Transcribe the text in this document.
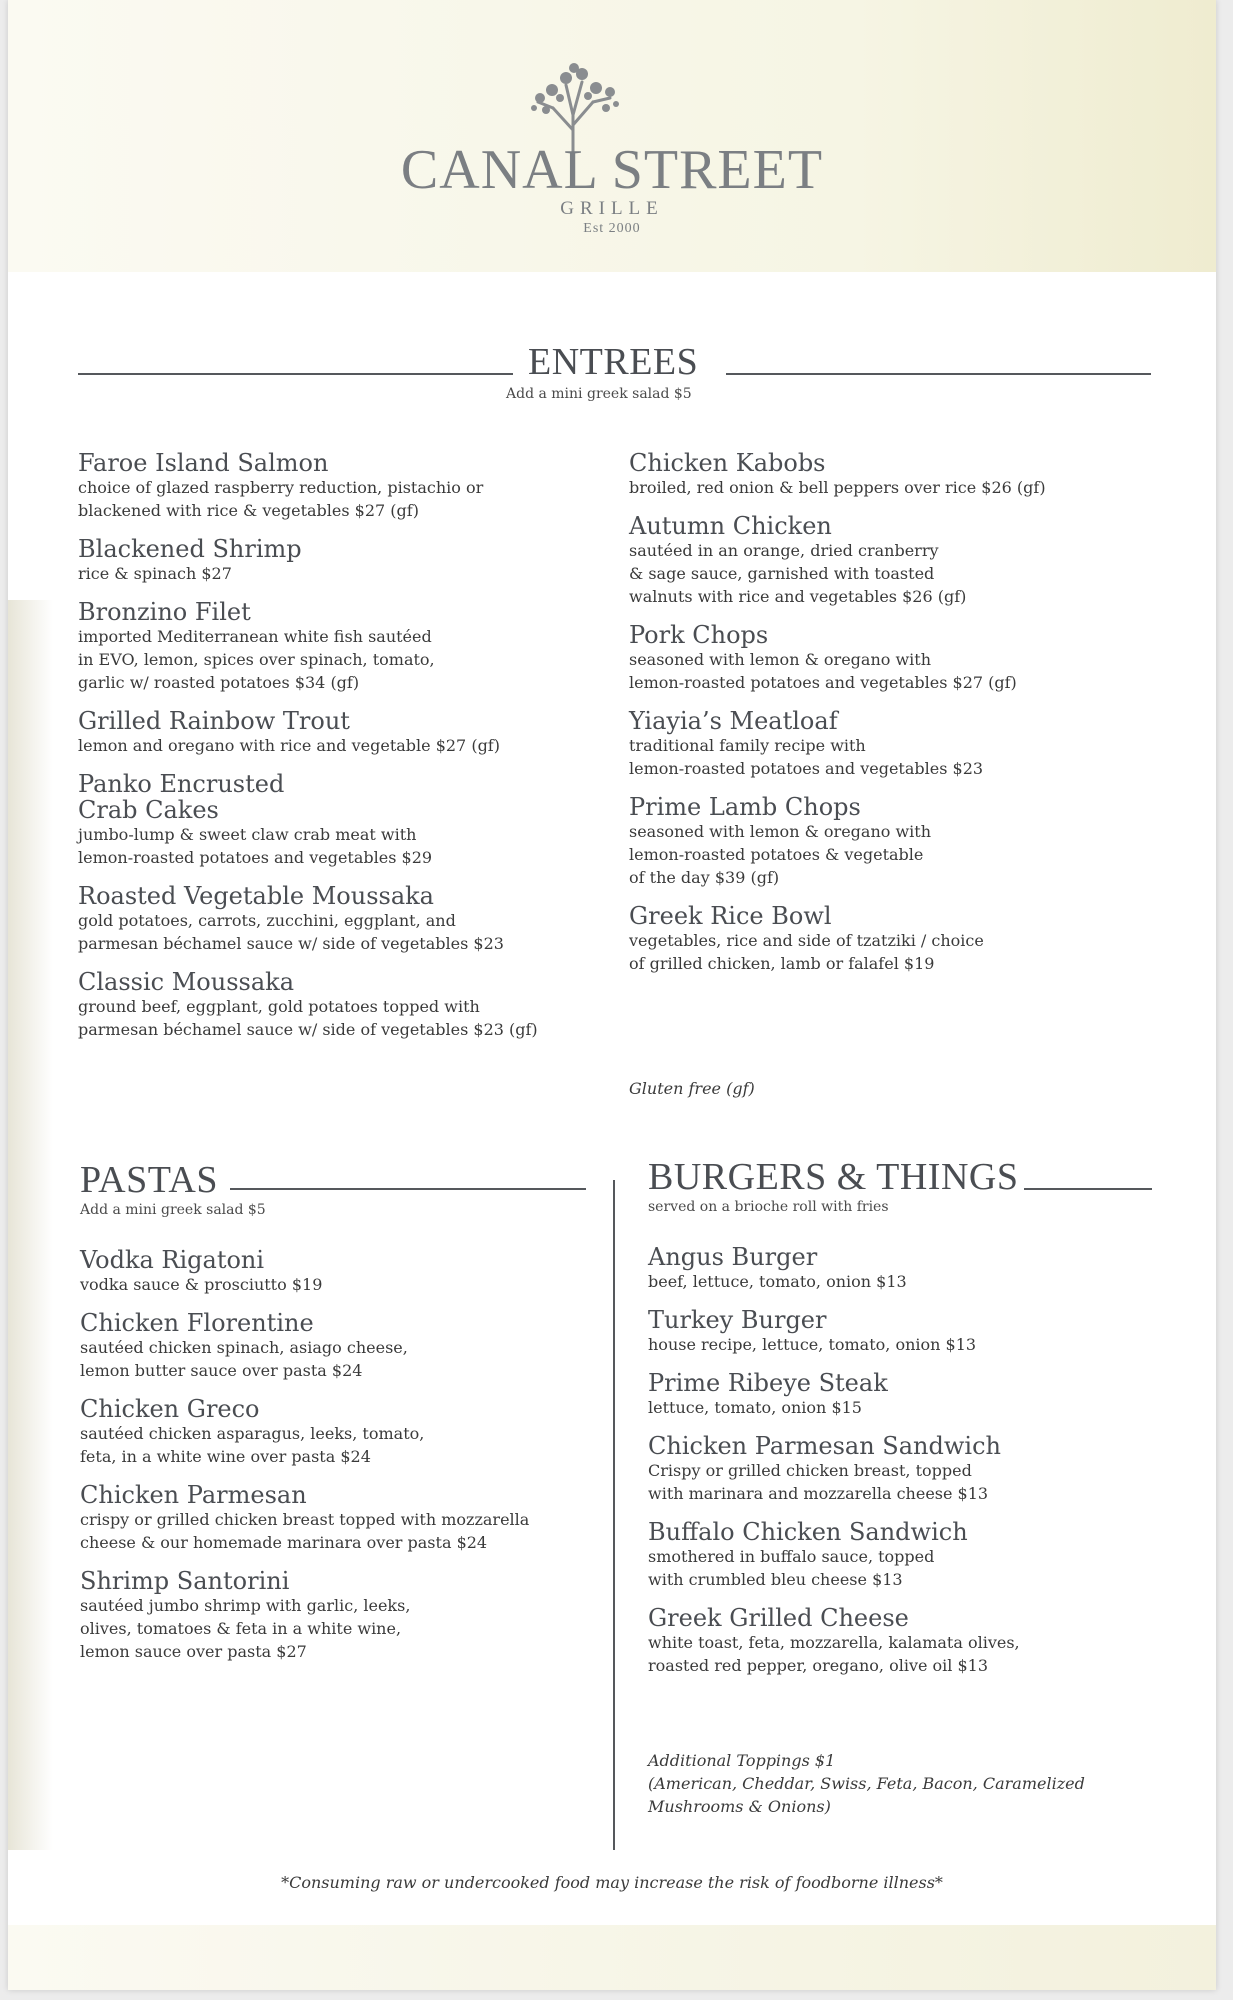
CANAL STREET
GRILLE
Est 2000
ENTREES
Add a mini greek salad $5
Faroe Island Salmon
choice of glazed raspberry reduction, pistachio or
blackened with rice & vegetables $27 (gf)
Blackened Shrimp
rice & spinach $27
Bronzino Filet
imported Mediterranean white fish sautéed
in EVO, lemon, spices over spinach, tomato,
garlic w/ roasted potatoes $34 (gf)
Grilled Rainbow Trout
lemon and oregano with rice and vegetable $27 (gf)
Panko Encrusted
Crab Cakes
jumbo-lump & sweet claw crab meat with
lemon-roasted potatoes and vegetables $29
Roasted Vegetable Moussaka
gold potatoes, carrots, zucchini, eggplant, and
parmesan béchamel sauce w/ side of vegetables $23
Classic Moussaka
ground beef, eggplant, gold potatoes topped with
parmesan béchamel sauce w/ side of vegetables $23 (gf)
Chicken Kabobs
broiled, red onion & bell peppers over rice $26 (gf)
Autumn Chicken
sautéed in an orange, dried cranberry
& sage sauce, garnished with toasted
walnuts with rice and vegetables $26 (gf)
Pork Chops
seasoned with lemon & oregano with
lemon-roasted potatoes and vegetables $27 (gf)
Yiayia’s Meatloaf
traditional family recipe with
lemon-roasted potatoes and vegetables $23
Prime Lamb Chops
seasoned with lemon & oregano with
lemon-roasted potatoes & vegetable
of the day $39 (gf)
Greek Rice Bowl
vegetables, rice and side of tzatziki / choice
of grilled chicken, lamb or falafel $19
Gluten free (gf)
PASTAS
Add a mini greek salad $5
Vodka Rigatoni
vodka sauce & prosciutto $19
Chicken Florentine
sautéed chicken spinach, asiago cheese,
lemon butter sauce over pasta $24
Chicken Greco
sautéed chicken asparagus, leeks, tomato,
feta, in a white wine over pasta $24
Chicken Parmesan
crispy or grilled chicken breast topped with mozzarella
cheese & our homemade marinara over pasta $24
Shrimp Santorini
sautéed jumbo shrimp with garlic, leeks,
olives, tomatoes & feta in a white wine,
lemon sauce over pasta $27
BURGERS & THINGS
served on a brioche roll with fries
Angus Burger
beef, lettuce, tomato, onion $13
Turkey Burger
house recipe, lettuce, tomato, onion $13
Prime Ribeye Steak
lettuce, tomato, onion $15
Chicken Parmesan Sandwich
Crispy or grilled chicken breast, topped
with marinara and mozzarella cheese $13
Buffalo Chicken Sandwich
smothered in buffalo sauce, topped
with crumbled bleu cheese $13
Greek Grilled Cheese
white toast, feta, mozzarella, kalamata olives,
roasted red pepper, oregano, olive oil $13
Additional Toppings $1
(American, Cheddar, Swiss, Feta, Bacon, Caramelized
Mushrooms & Onions)
*Consuming raw or undercooked food may increase the risk of foodborne illness*
